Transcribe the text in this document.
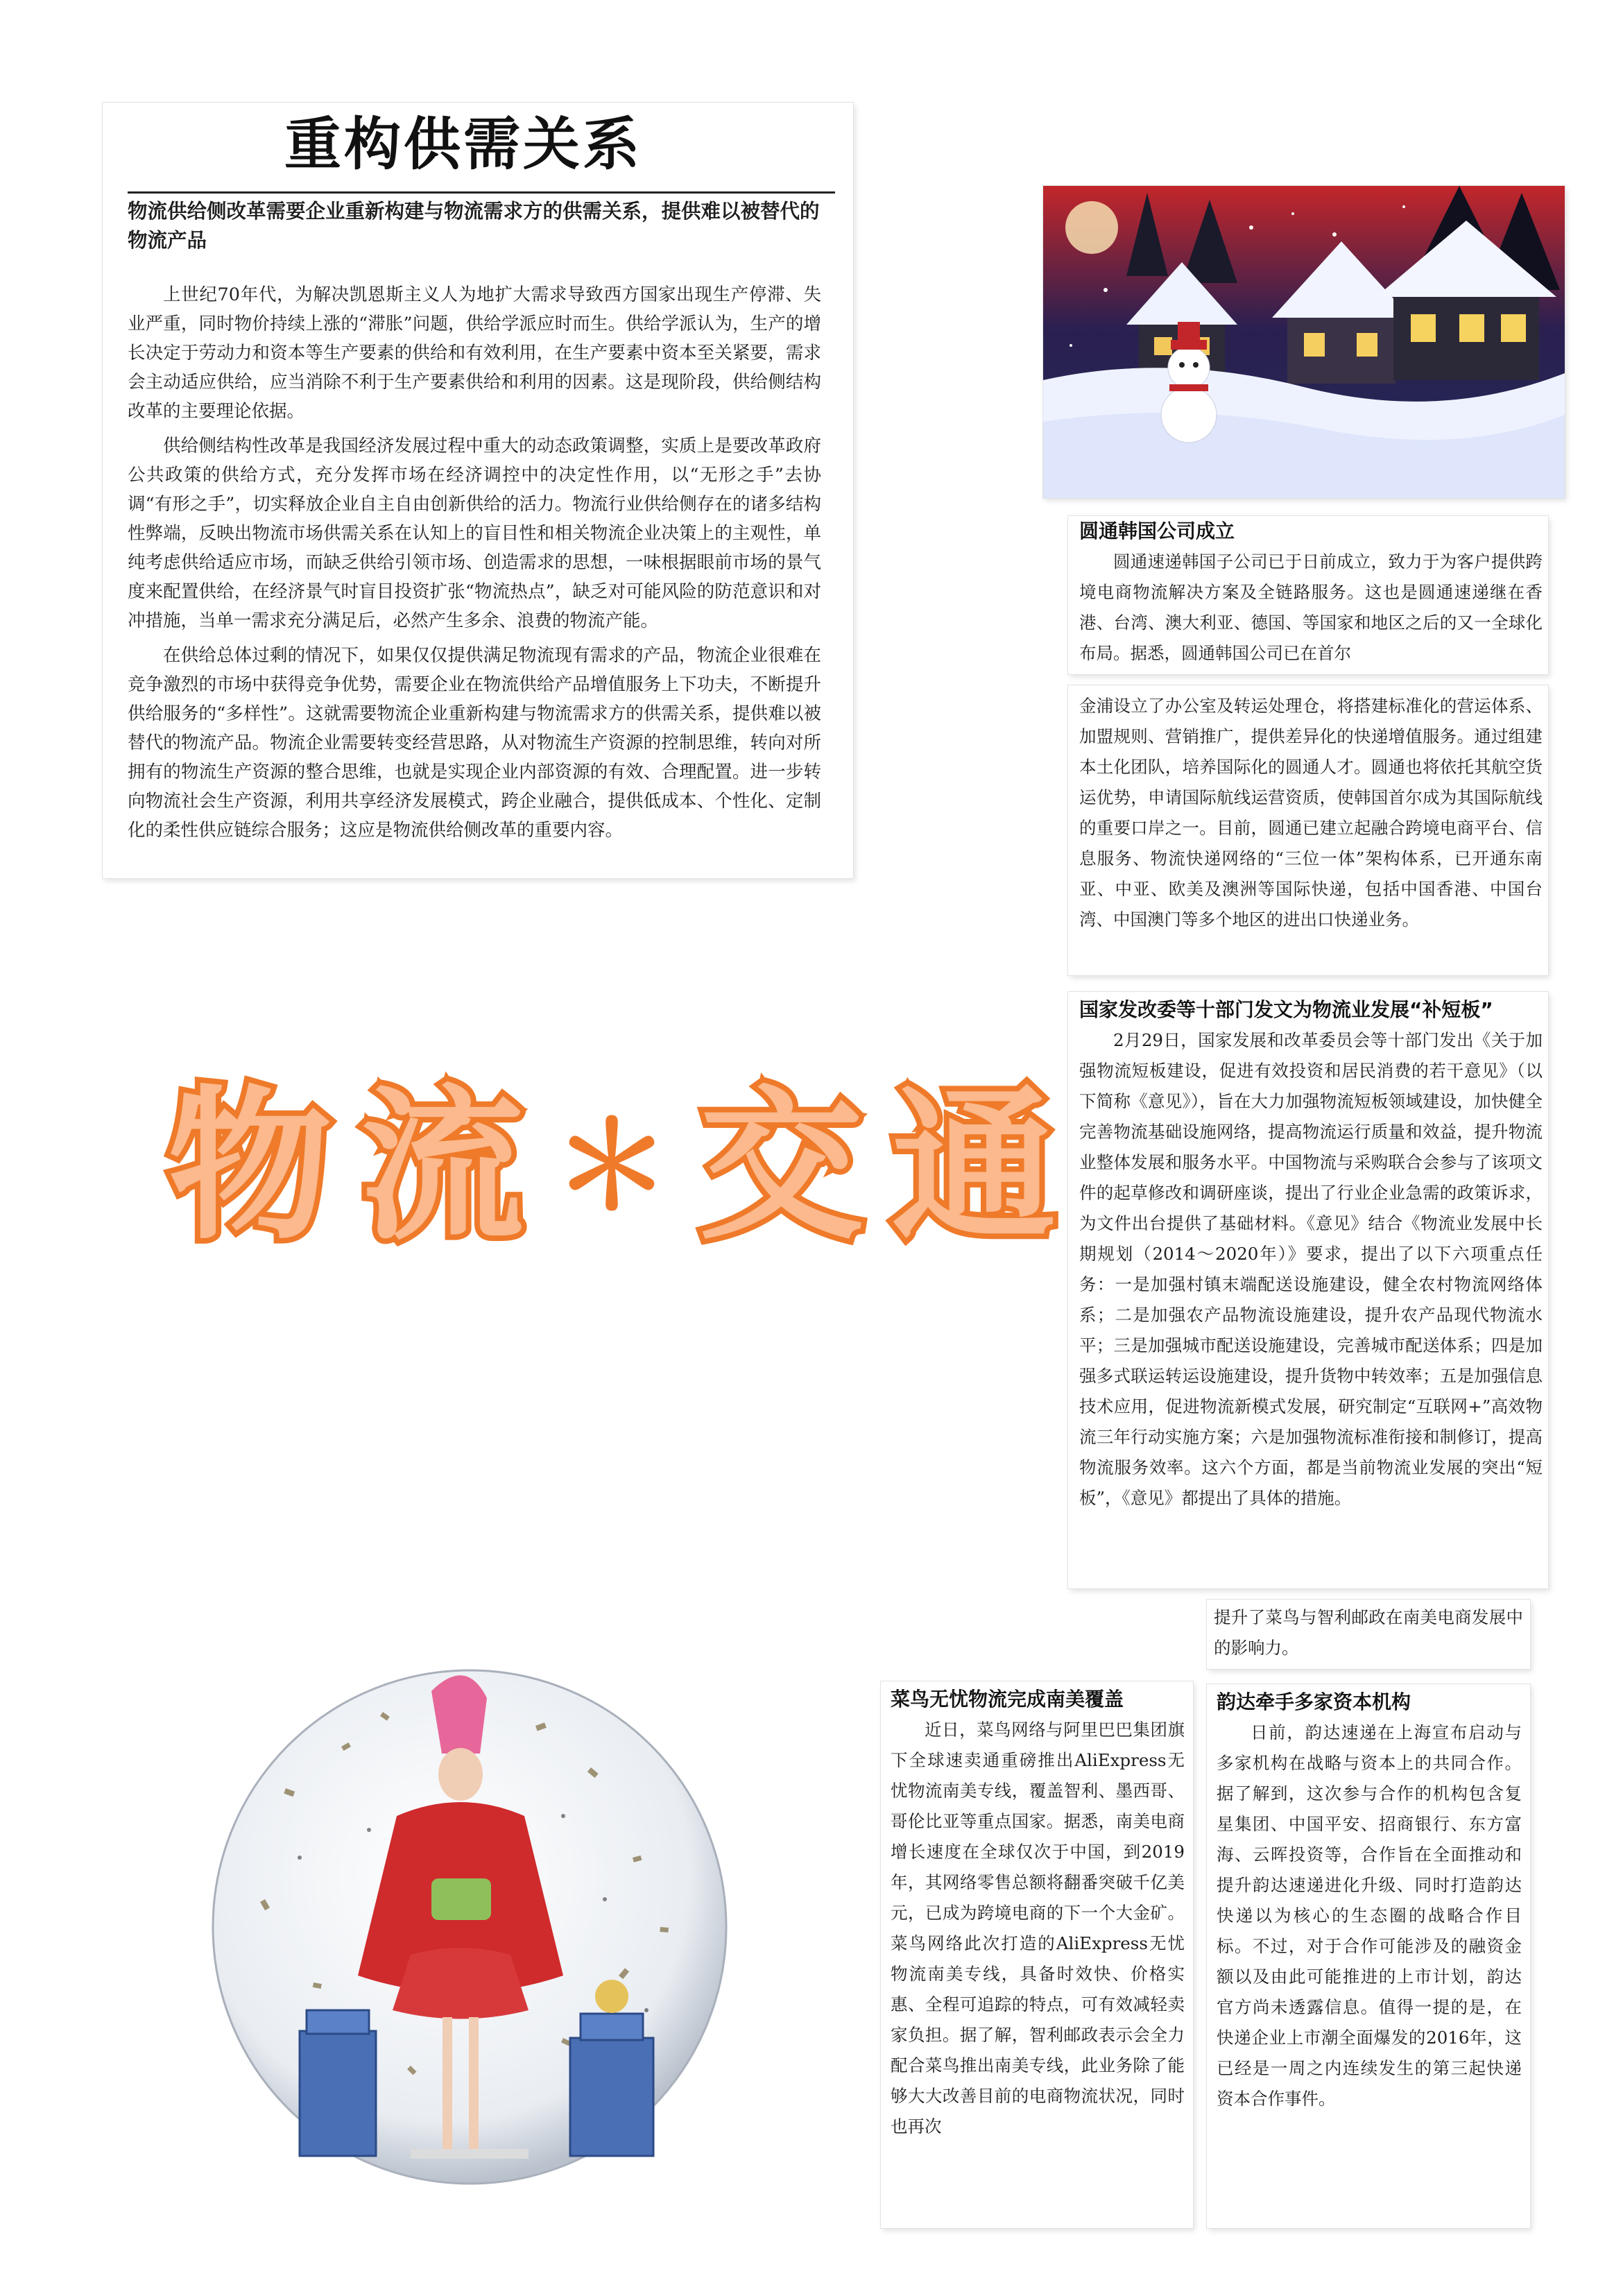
重构供需关系
物流供给侧改革需要企业重新构建与物流需求方的供需关系，提供难以被替代的物流产品

上世纪70年代，为解决凯恩斯主义人为地扩大需求导致西方国家出现生产停滞、失业严重，同时物价持续上涨的“滞胀”问题，供给学派应时而生。供给学派认为，生产的增长决定于劳动力和资本等生产要素的供给和有效利用，在生产要素中资本至关紧要，需求会主动适应供给，应当消除不利于生产要素供给和利用的因素。这是现阶段，供给侧结构改革的主要理论依据。

供给侧结构性改革是我国经济发展过程中重大的动态政策调整，实质上是要改革政府公共政策的供给方式，充分发挥市场在经济调控中的决定性作用，以“无形之手”去协调“有形之手”，切实释放企业自主自由创新供给的活力。物流行业供给侧存在的诸多结构性弊端，反映出物流市场供需关系在认知上的盲目性和相关物流企业决策上的主观性，单纯考虑供给适应市场，而缺乏供给引领市场、创造需求的思想，一味根据眼前市场的景气度来配置供给，在经济景气时盲目投资扩张“物流热点”，缺乏对可能风险的防范意识和对冲措施，当单一需求充分满足后，必然产生多余、浪费的物流产能。

在供给总体过剩的情况下，如果仅仅提供满足物流现有需求的产品，物流企业很难在竞争激烈的市场中获得竞争优势，需要企业在物流供给产品增值服务上下功夫，不断提升供给服务的“多样性”。这就需要物流企业重新构建与物流需求方的供需关系，提供难以被替代的物流产品。物流企业需要转变经营思路，从对物流生产资源的控制思维，转向对所拥有的物流生产资源的整合思维，也就是实现企业内部资源的有效、合理配置。进一步转向物流社会生产资源，利用共享经济发展模式，跨企业融合，提供低成本、个性化、定制化的柔性供应链综合服务；这应是物流供给侧改革的重要内容。

圆通韩国公司成立

圆通速递韩国子公司已于日前成立，致力于为客户提供跨境电商物流解决方案及全链路服务。这也是圆通速递继在香港、台湾、澳大利亚、德国、等国家和地区之后的又一全球化布局。据悉，圆通韩国公司已在首尔

金浦设立了办公室及转运处理仓，将搭建标准化的营运体系、加盟规则、营销推广，提供差异化的快递增值服务。通过组建本土化团队，培养国际化的圆通人才。圆通也将依托其航空货运优势，申请国际航线运营资质，使韩国首尔成为其国际航线的重要口岸之一。目前，圆通已建立起融合跨境电商平台、信息服务、物流快递网络的“三位一体”架构体系，已开通东南亚、中亚、欧美及澳洲等国际快递，包括中国香港、中国台湾、中国澳门等多个地区的进出口快递业务。

国家发改委等十部门发文为物流业发展“补短板”

2月29日，国家发展和改革委员会等十部门发出《关于加强物流短板建设，促进有效投资和居民消费的若干意见》（以下简称《意见》），旨在大力加强物流短板领域建设，加快健全完善物流基础设施网络，提高物流运行质量和效益，提升物流业整体发展和服务水平。中国物流与采购联合会参与了该项文件的起草修改和调研座谈，提出了行业企业急需的政策诉求，为文件出台提供了基础材料。《意见》结合《物流业发展中长期规划（2014～2020年）》要求，提出了以下六项重点任务：一是加强村镇末端配送设施建设，健全农村物流网络体系；二是加强农产品物流设施建设，提升农产品现代物流水平；三是加强城市配送设施建设，完善城市配送体系；四是加强多式联运转运设施建设，提升货物中转效率；五是加强信息技术应用，促进物流新模式发展，研究制定“互联网+”高效物流三年行动实施方案；六是加强物流标准衔接和制修订，提高物流服务效率。这六个方面，都是当前物流业发展的突出“短板”，《意见》都提出了具体的措施。

物 流 ＊ 交 通

提升了菜鸟与智利邮政在南美电商发展中的影响力。

菜鸟无忧物流完成南美覆盖

近日，菜鸟网络与阿里巴巴集团旗下全球速卖通重磅推出AliExpress无忧物流南美专线，覆盖智利、墨西哥、哥伦比亚等重点国家。据悉，南美电商增长速度在全球仅次于中国，到2019年，其网络零售总额将翻番突破千亿美元，已成为跨境电商的下一个大金矿。菜鸟网络此次打造的AliExpress无忧物流南美专线，具备时效快、价格实惠、全程可追踪的特点，可有效减轻卖家负担。据了解，智利邮政表示会全力配合菜鸟推出南美专线，此业务除了能够大大改善目前的电商物流状况，同时也再次

韵达牵手多家资本机构

日前，韵达速递在上海宣布启动与多家机构在战略与资本上的共同合作。据了解到，这次参与合作的机构包含复星集团、中国平安、招商银行、东方富海、云晖投资等，合作旨在全面推动和提升韵达速递进化升级、同时打造韵达快递以为核心的生态圈的战略合作目标。不过，对于合作可能涉及的融资金额以及由此可能推进的上市计划，韵达官方尚未透露信息。值得一提的是，在快递企业上市潮全面爆发的2016年，这已经是一周之内连续发生的第三起快递资本合作事件。
